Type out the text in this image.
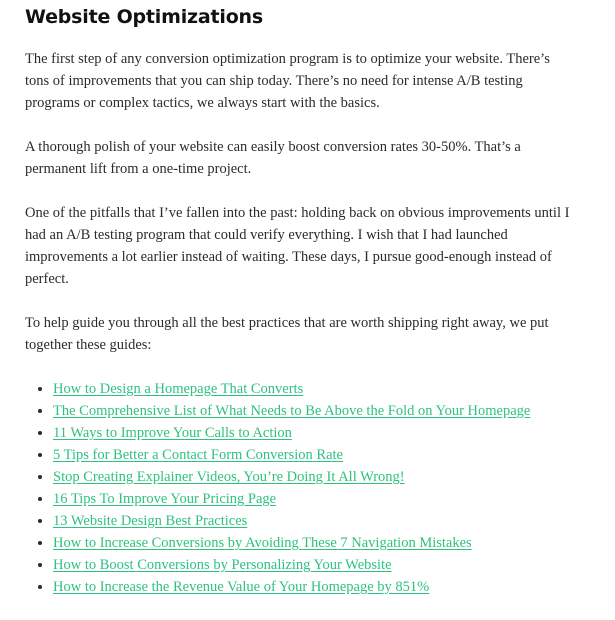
Website Optimizations

The first step of any conversion optimization program is to optimize your website. There’s tons of improvements that you can ship today. There’s no need for intense A/B testing programs or complex tactics, we always start with the basics.

A thorough polish of your website can easily boost conversion rates 30-50%. That’s a permanent lift from a one-time project.

One of the pitfalls that I’ve fallen into the past: holding back on obvious improvements until I had an A/B testing program that could verify everything. I wish that I had launched improvements a lot earlier instead of waiting. These days, I pursue good-enough instead of perfect.

To help guide you through all the best practices that are worth shipping right away, we put together these guides:

• How to Design a Homepage That Converts
• The Comprehensive List of What Needs to Be Above the Fold on Your Homepage
• 11 Ways to Improve Your Calls to Action
• 5 Tips for Better a Contact Form Conversion Rate
• Stop Creating Explainer Videos, You’re Doing It All Wrong!
• 16 Tips To Improve Your Pricing Page
• 13 Website Design Best Practices
• How to Increase Conversions by Avoiding These 7 Navigation Mistakes
• How to Boost Conversions by Personalizing Your Website
• How to Increase the Revenue Value of Your Homepage by 851%
